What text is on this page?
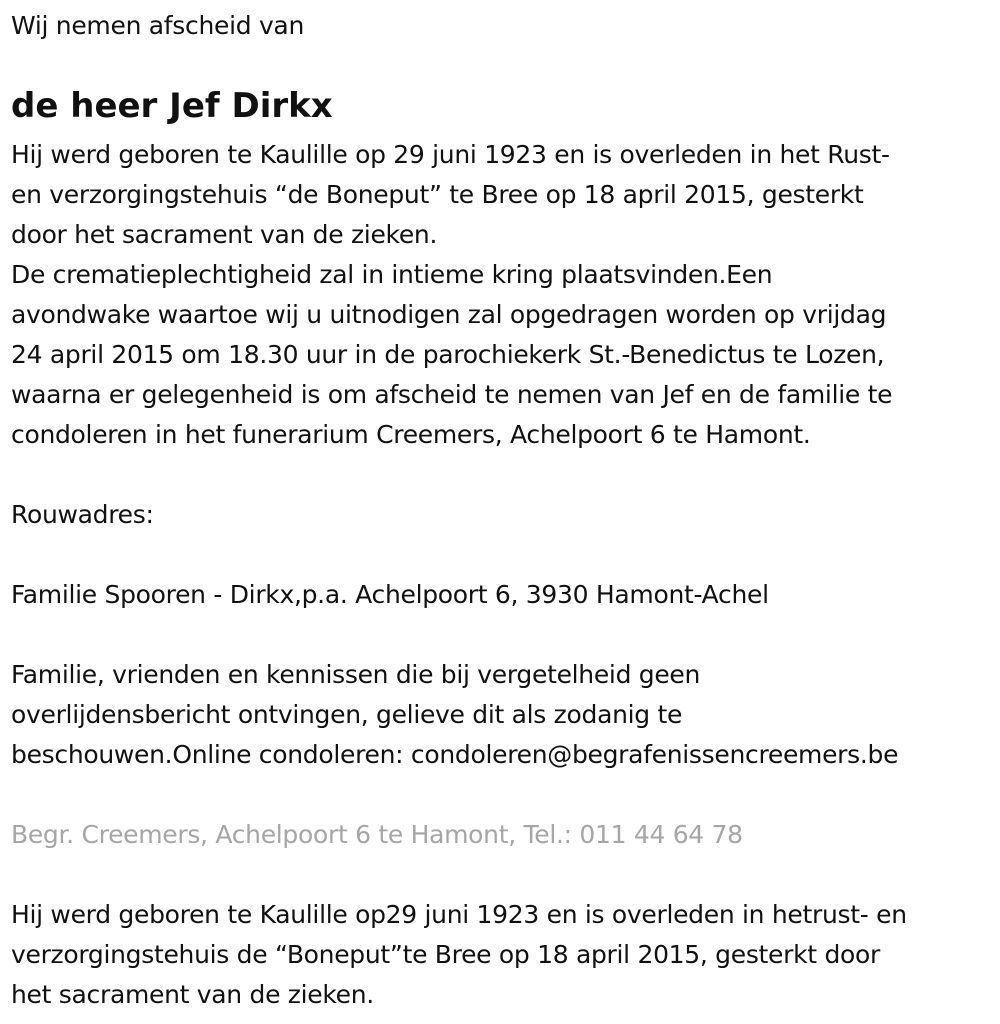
Wij nemen afscheid van
de heer Jef Dirkx
Hij werd geboren te Kaulille op 29 juni 1923 en is overleden in het Rust-
en verzorgingstehuis “de Boneput” te Bree op 18 april 2015, gesterkt
door het sacrament van de zieken.
De crematieplechtigheid zal in intieme kring plaatsvinden.Een
avondwake waartoe wij u uitnodigen zal opgedragen worden op vrijdag
24 april 2015 om 18.30 uur in de parochiekerk St.-Benedictus te Lozen,
waarna er gelegenheid is om afscheid te nemen van Jef en de familie te
condoleren in het funerarium Creemers, Achelpoort 6 te Hamont.
Rouwadres:
Familie Spooren - Dirkx,p.a. Achelpoort 6, 3930 Hamont-Achel
Familie, vrienden en kennissen die bij vergetelheid geen
overlijdensbericht ontvingen, gelieve dit als zodanig te
beschouwen.Online condoleren: condoleren@begrafenissencreemers.be
Begr. Creemers, Achelpoort 6 te Hamont, Tel.: 011 44 64 78
Hij werd geboren te Kaulille op29 juni 1923 en is overleden in hetrust- en
verzorgingstehuis de “Boneput”te Bree op 18 april 2015, gesterkt door
het sacrament van de zieken.
